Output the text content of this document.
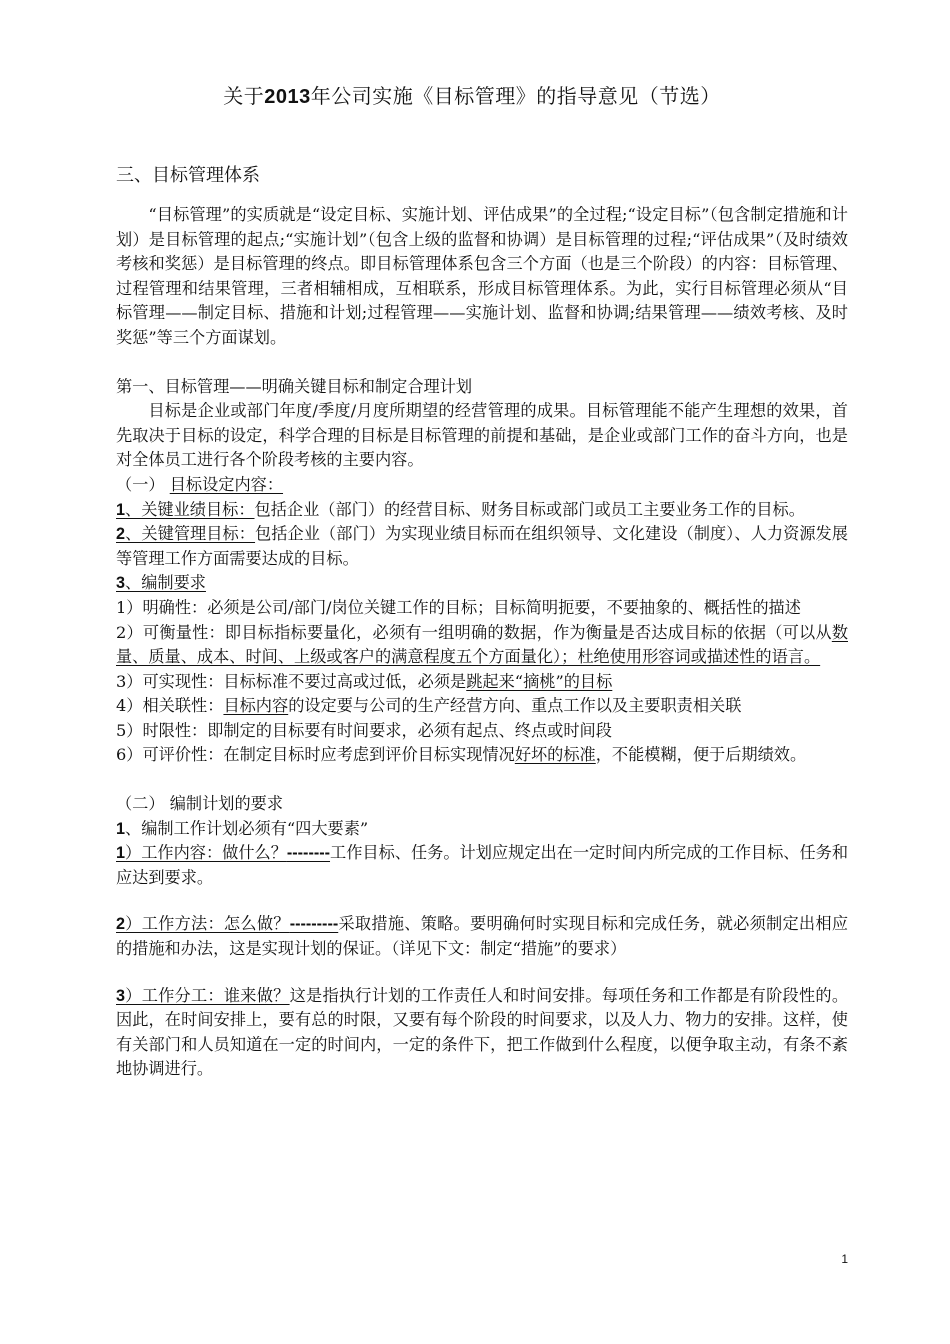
关于2013年公司实施《目标管理》的指导意见（节选）
三、目标管理体系

“目标管理”的实质就是“设定目标、实施计划、评估成果”的全过程;“设定目标”（包含制定措施和计划）是目标管理的起点;“实施计划”（包含上级的监督和协调）是目标管理的过程;“评估成果”（及时绩效考核和奖惩）是目标管理的终点。即目标管理体系包含三个方面（也是三个阶段）的内容：目标管理、过程管理和结果管理，三者相辅相成，互相联系，形成目标管理体系。为此，实行目标管理必须从“目标管理——制定目标、措施和计划;过程管理——实施计划、监督和协调;结果管理——绩效考核、及时奖惩”等三个方面谋划。

第一、目标管理——明确关键目标和制定合理计划

目标是企业或部门年度/季度/月度所期望的经营管理的成果。目标管理能不能产生理想的效果，首先取决于目标的设定，科学合理的目标是目标管理的前提和基础，是企业或部门工作的奋斗方向，也是对全体员工进行各个阶段考核的主要内容。

（一） 目标设定内容：

1、关键业绩目标：包括企业（部门）的经营目标、财务目标或部门或员工主要业务工作的目标。

2、关键管理目标：包括企业（部门）为实现业绩目标而在组织领导、文化建设（制度）、人力资源发展等管理工作方面需要达成的目标。

3、编制要求

1）明确性：必须是公司/部门/岗位关键工作的目标；目标简明扼要，不要抽象的、概括性的描述

2）可衡量性：即目标指标要量化，必须有一组明确的数据，作为衡量是否达成目标的依据（可以从数量、质量、成本、时间、上级或客户的满意程度五个方面量化）；杜绝使用形容词或描述性的语言。

3）可实现性：目标标准不要过高或过低，必须是跳起来“摘桃”的目标

4）相关联性：目标内容的设定要与公司的生产经营方向、重点工作以及主要职责相关联

5）时限性：即制定的目标要有时间要求，必须有起点、终点或时间段

6）可评价性：在制定目标时应考虑到评价目标实现情况好坏的标准，不能模糊，便于后期绩效。

（二） 编制计划的要求

1、编制工作计划必须有“四大要素”

1）工作内容：做什么？--------工作目标、任务。计划应规定出在一定时间内所完成的工作目标、任务和应达到要求。

2）工作方法：怎么做？---------采取措施、策略。要明确何时实现目标和完成任务，就必须制定出相应的措施和办法，这是实现计划的保证。（详见下文：制定“措施”的要求）

3）工作分工：谁来做？这是指执行计划的工作责任人和时间安排。每项任务和工作都是有阶段性的。因此，在时间安排上，要有总的时限，又要有每个阶段的时间要求，以及人力、物力的安排。这样，使有关部门和人员知道在一定的时间内，一定的条件下，把工作做到什么程度，以便争取主动，有条不紊地协调进行。

1
